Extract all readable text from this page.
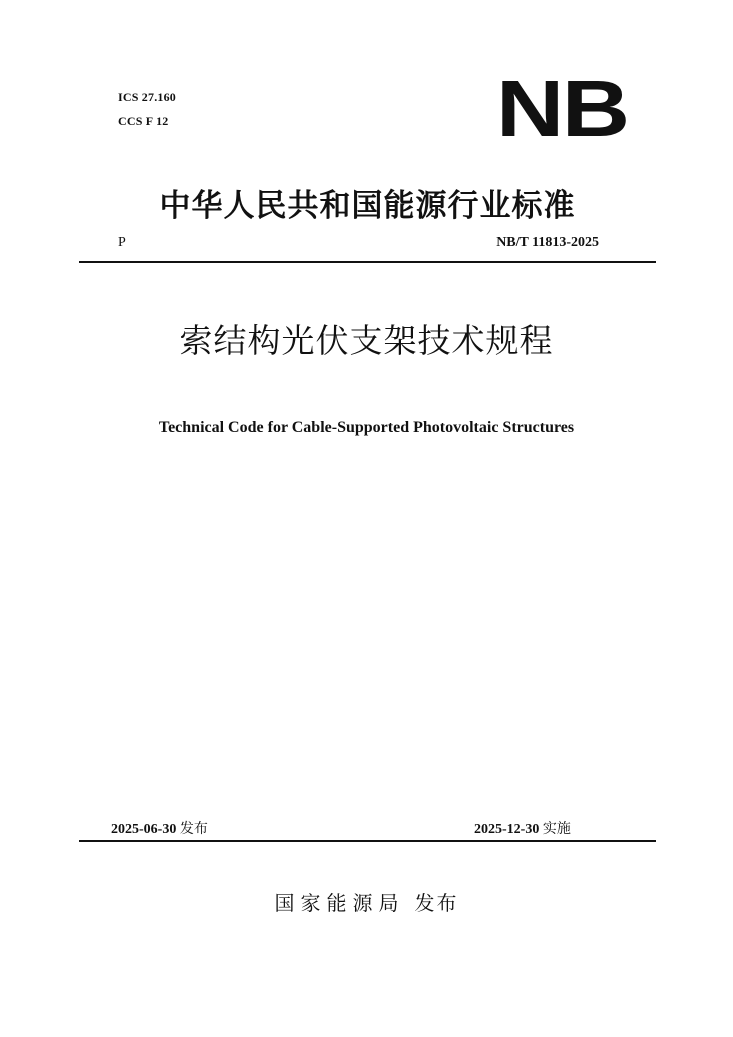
ICS 27.160
CCS F 12	NB
中华人民共和国能源行业标准
P	NB/T 11813-2025
索结构光伏支架技术规程
Technical Code for Cable-Supported Photovoltaic Structures
2025-06-30 发布	2025-12-30 实施
国家能源局 发布
